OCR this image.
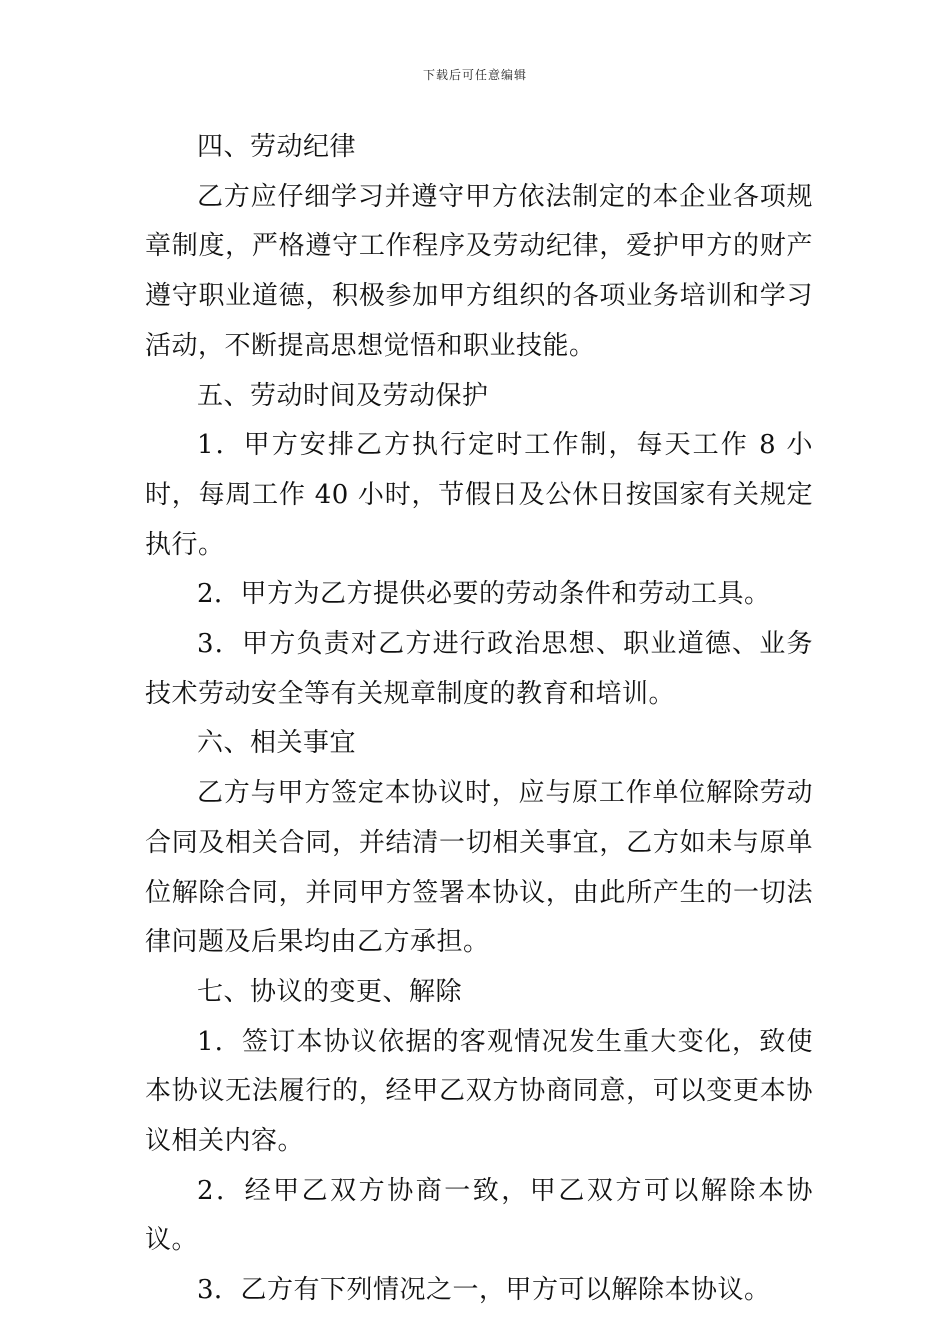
下载后可任意编辑

四、劳动纪律

乙方应仔细学习并遵守甲方依法制定的本企业各项规章制度，严格遵守工作程序及劳动纪律，爱护甲方的财产遵守职业道德，积极参加甲方组织的各项业务培训和学习活动，不断提高思想觉悟和职业技能。

五、劳动时间及劳动保护

1．甲方安排乙方执行定时工作制，每天工作 8 小时，每周工作 40 小时，节假日及公休日按国家有关规定执行。

2．甲方为乙方提供必要的劳动条件和劳动工具。

3．甲方负责对乙方进行政治思想、职业道德、业务技术劳动安全等有关规章制度的教育和培训。

六、相关事宜

乙方与甲方签定本协议时，应与原工作单位解除劳动合同及相关合同，并结清一切相关事宜，乙方如未与原单位解除合同，并同甲方签署本协议，由此所产生的一切法律问题及后果均由乙方承担。

七、协议的变更、解除

1．签订本协议依据的客观情况发生重大变化，致使本协议无法履行的，经甲乙双方协商同意，可以变更本协议相关内容。

2．经甲乙双方协商一致，甲乙双方可以解除本协议。

3．乙方有下列情况之一，甲方可以解除本协议。
